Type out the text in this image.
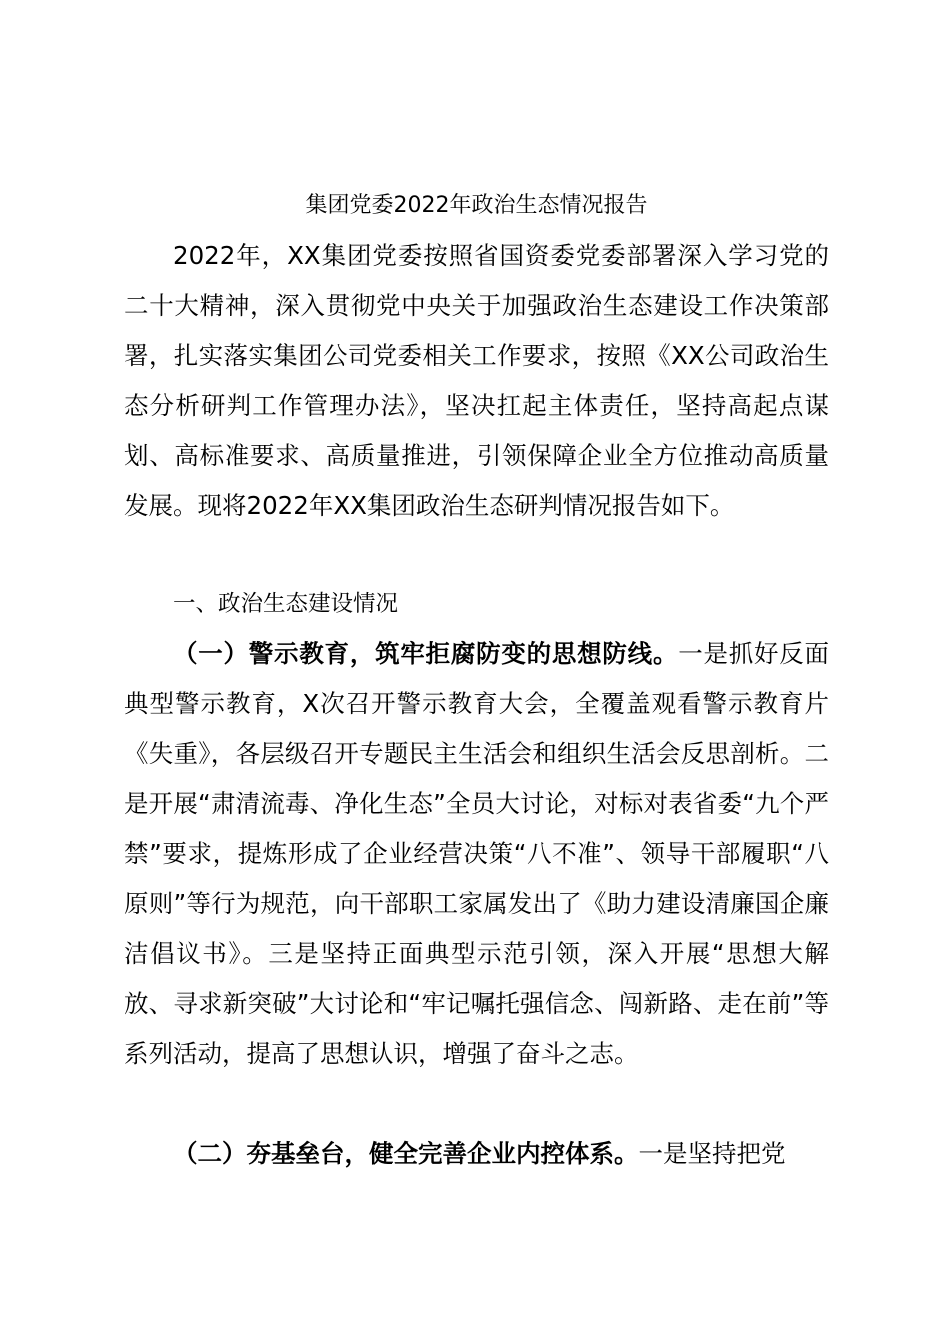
集团党委2022年政治生态情况报告

2022年，XX集团党委按照省国资委党委部署深入学习党的二十大精神，深入贯彻党中央关于加强政治生态建设工作决策部署，扎实落实集团公司党委相关工作要求，按照《XX公司政治生态分析研判工作管理办法》，坚决扛起主体责任，坚持高起点谋划、高标准要求、高质量推进，引领保障企业全方位推动高质量发展。现将2022年XX集团政治生态研判情况报告如下。

一、政治生态建设情况

（一）警示教育，筑牢拒腐防变的思想防线。一是抓好反面典型警示教育，X次召开警示教育大会，全覆盖观看警示教育片《失重》，各层级召开专题民主生活会和组织生活会反思剖析。二是开展“肃清流毒、净化生态”全员大讨论，对标对表省委“九个严禁”要求，提炼形成了企业经营决策“八不准”、领导干部履职“八原则”等行为规范，向干部职工家属发出了《助力建设清廉国企廉洁倡议书》。三是坚持正面典型示范引领，深入开展“思想大解放、寻求新突破”大讨论和“牢记嘱托强信念、闯新路、走在前”等系列活动，提高了思想认识，增强了奋斗之志。

（二）夯基垒台，健全完善企业内控体系。一是坚持把党
